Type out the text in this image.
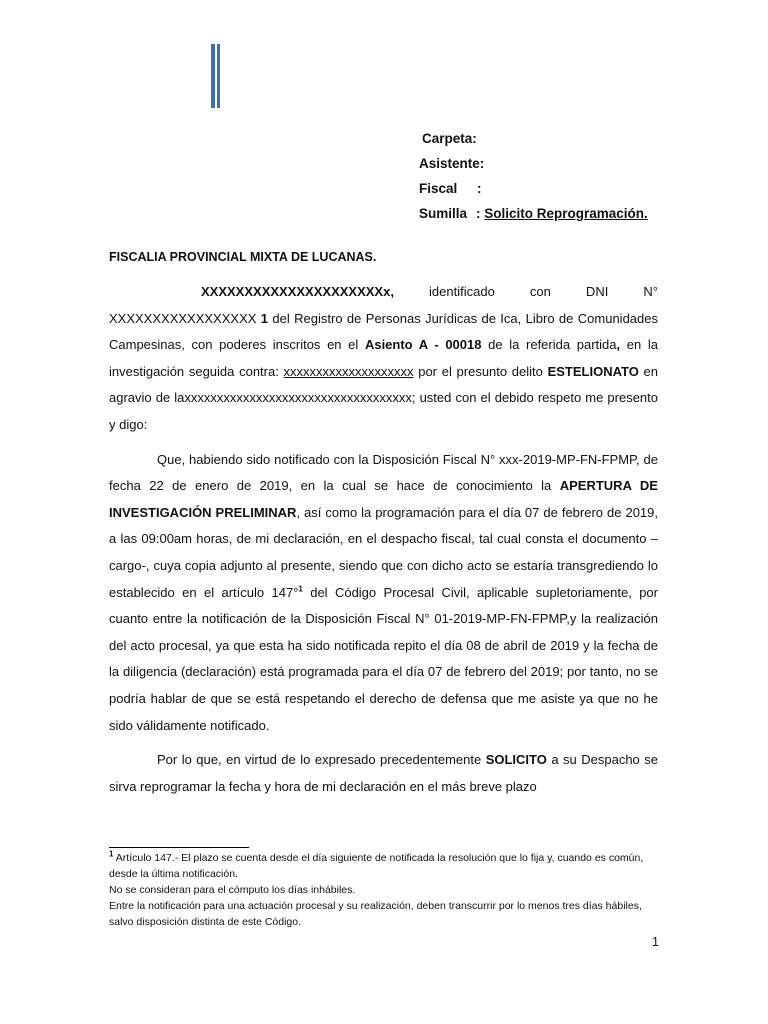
Carpeta:
Asistente:
Fiscal :
Sumilla : Solicito Reprogramación.
FISCALIA PROVINCIAL MIXTA DE LUCANAS.

XXXXXXXXXXXXXXXXXXXXXx, identificado con DNI N° XXXXXXXXXXXXXXXXX 1 del Registro de Personas Jurídicas de Ica, Libro de Comunidades Campesinas, con poderes inscritos en el Asiento A - 00018 de la referida partida, en la investigación seguida contra: xxxxxxxxxxxxxxxxxxxx por el presunto delito ESTELIONATO en agravio de laxxxxxxxxxxxxxxxxxxxxxxxxxxxxxxxxxxx; usted con el debido respeto me presento y digo:

Que, habiendo sido notificado con la Disposición Fiscal N° xxx-2019-MP-FN-FPMP, de fecha 22 de enero de 2019, en la cual se hace de conocimiento la APERTURA DE INVESTIGACIÓN PRELIMINAR, así como la programación para el día 07 de febrero de 2019, a las 09:00am horas, de mi declaración, en el despacho fiscal, tal cual consta el documento –cargo-, cuya copia adjunto al presente, siendo que con dicho acto se estaría transgrediendo lo establecido en el artículo 147°$^1$ del Código Procesal Civil, aplicable supletoriamente, por cuanto entre la notificación de la Disposición Fiscal N° 01-2019-MP-FN-FPMP,y la realización del acto procesal, ya que esta ha sido notificada repito el día 08 de abril de 2019 y la fecha de la diligencia (declaración) está programada para el día 07 de febrero del 2019; por tanto, no se podría hablar de que se está respetando el derecho de defensa que me asiste ya que no he sido válidamente notificado.

Por lo que, en virtud de lo expresado precedentemente SOLICITO a su Despacho se sirva reprogramar la fecha y hora de mi declaración en el más breve plazo

$^1$ Artículo 147.- El plazo se cuenta desde el día siguiente de notificada la resolución que lo fija y, cuando es común, desde la última notificación.
No se consideran para el cómputo los días inhábiles.
Entre la notificación para una actuación procesal y su realización, deben transcurrir por lo menos tres días hábiles, salvo disposición distinta de este Código.
1
